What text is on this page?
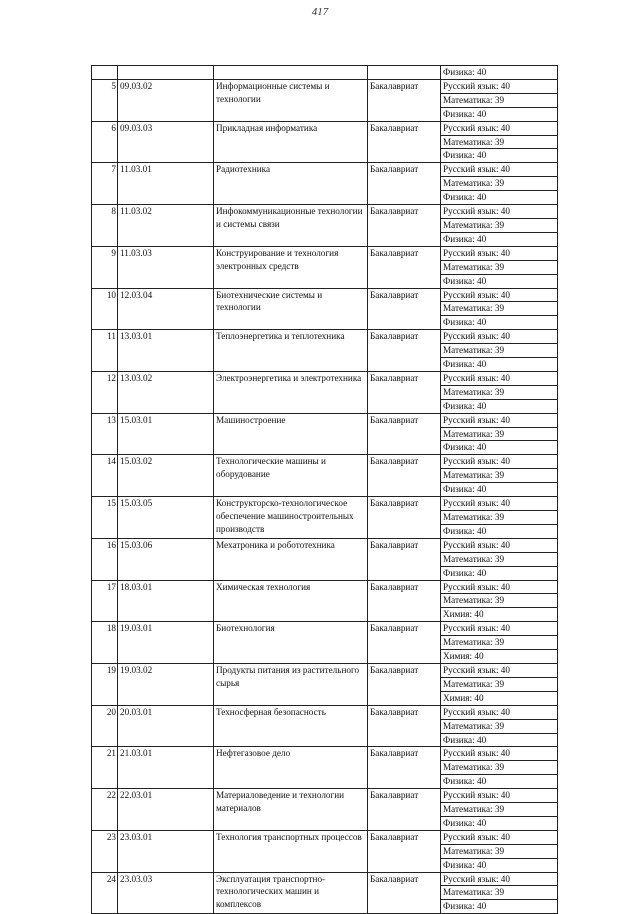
417
				Физика: 40
5	09.03.02	Информационные системы и технологии	Бакалавриат	Русский язык: 40
				Математика: 39
				Физика: 40
6	09.03.03	Прикладная информатика	Бакалавриат	Русский язык: 40
				Математика: 39
				Физика: 40
7	11.03.01	Радиотехника	Бакалавриат	Русский язык: 40
				Математика: 39
				Физика: 40
8	11.03.02	Инфокоммуникационные технологии и системы связи	Бакалавриат	Русский язык: 40
				Математика: 39
				Физика: 40
9	11.03.03	Конструирование и технология электронных средств	Бакалавриат	Русский язык: 40
				Математика: 39
				Физика: 40
10	12.03.04	Биотехнические системы и технологии	Бакалавриат	Русский язык: 40
				Математика: 39
				Физика: 40
11	13.03.01	Теплоэнергетика и теплотехника	Бакалавриат	Русский язык: 40
				Математика: 39
				Физика: 40
12	13.03.02	Электроэнергетика и электротехника	Бакалавриат	Русский язык: 40
				Математика: 39
				Физика: 40
13	15.03.01	Машиностроение	Бакалавриат	Русский язык: 40
				Математика: 39
				Физика: 40
14	15.03.02	Технологические машины и оборудование	Бакалавриат	Русский язык: 40
				Математика: 39
				Физика: 40
15	15.03.05	Конструкторско-технологическое обеспечение машиностроительных производств	Бакалавриат	Русский язык: 40
				Математика: 39
				Физика: 40
16	15.03.06	Мехатроника и робототехника	Бакалавриат	Русский язык: 40
				Математика: 39
				Физика: 40
17	18.03.01	Химическая технология	Бакалавриат	Русский язык: 40
				Математика: 39
				Химия: 40
18	19.03.01	Биотехнология	Бакалавриат	Русский язык: 40
				Математика: 39
				Химия: 40
19	19.03.02	Продукты питания из растительного сырья	Бакалавриат	Русский язык: 40
				Математика: 39
				Химия: 40
20	20.03.01	Техносферная безопасность	Бакалавриат	Русский язык: 40
				Математика: 39
				Физика: 40
21	21.03.01	Нефтегазовое дело	Бакалавриат	Русский язык: 40
				Математика: 39
				Физика: 40
22	22.03.01	Материаловедение и технологии материалов	Бакалавриат	Русский язык: 40
				Математика: 39
				Физика: 40
23	23.03.01	Технология транспортных процессов	Бакалавриат	Русский язык: 40
				Математика: 39
				Физика: 40
24	23.03.03	Эксплуатация транспортно-технологических машин и комплексов	Бакалавриат	Русский язык: 40
				Математика: 39
				Физика: 40
